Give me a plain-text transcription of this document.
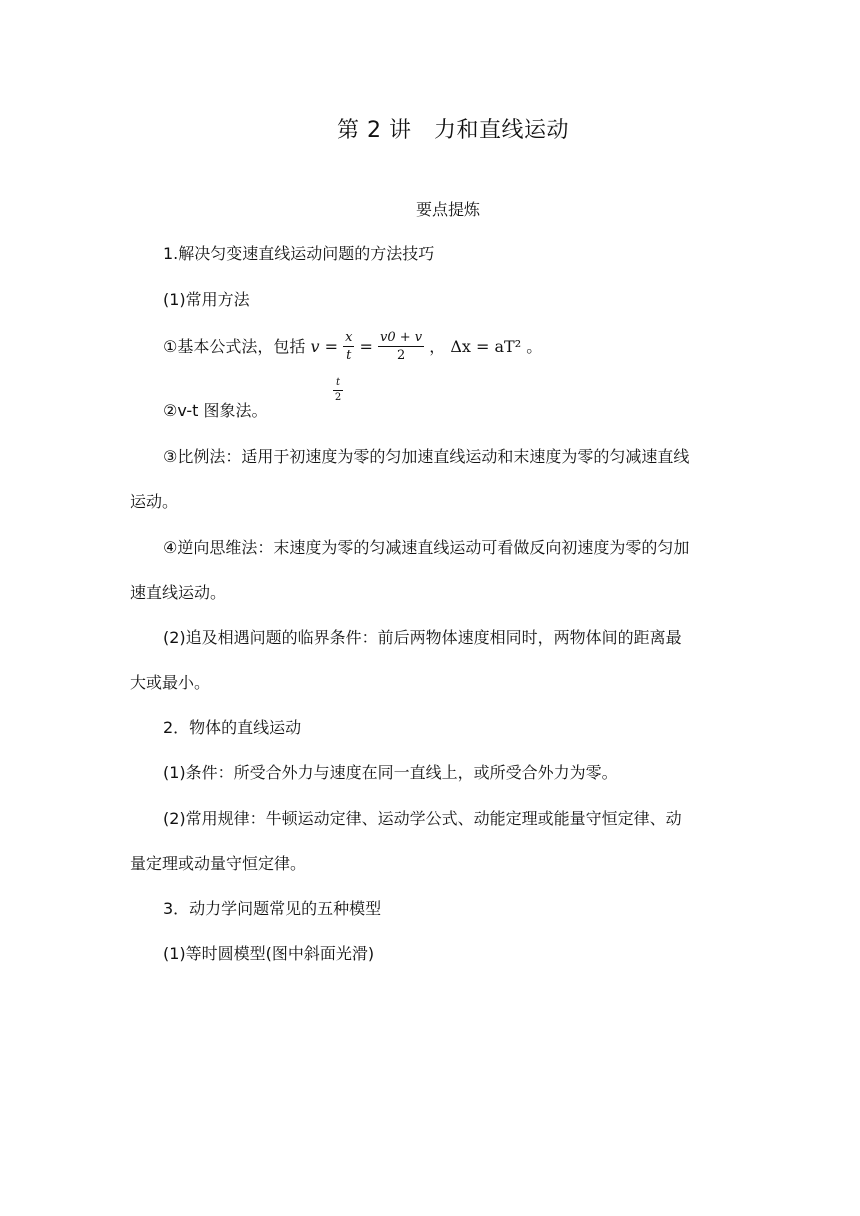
第 2 讲　力和直线运动
要点提炼
1.解决匀变速直线运动问题的方法技巧
(1)常用方法
①基本公式法，包括 $v = \frac{x}{t} = \frac{v0 + v}{2}$ ， Δx = aT² 。
t
2
②v-t 图象法。
③比例法：适用于初速度为零的匀加速直线运动和末速度为零的匀减速直线
运动。
④逆向思维法：末速度为零的匀减速直线运动可看做反向初速度为零的匀加
速直线运动。
(2)追及相遇问题的临界条件：前后两物体速度相同时，两物体间的距离最
大或最小。
2．物体的直线运动
(1)条件：所受合外力与速度在同一直线上，或所受合外力为零。
(2)常用规律：牛顿运动定律、运动学公式、动能定理或能量守恒定律、动
量定理或动量守恒定律。
3．动力学问题常见的五种模型
(1)等时圆模型(图中斜面光滑)
